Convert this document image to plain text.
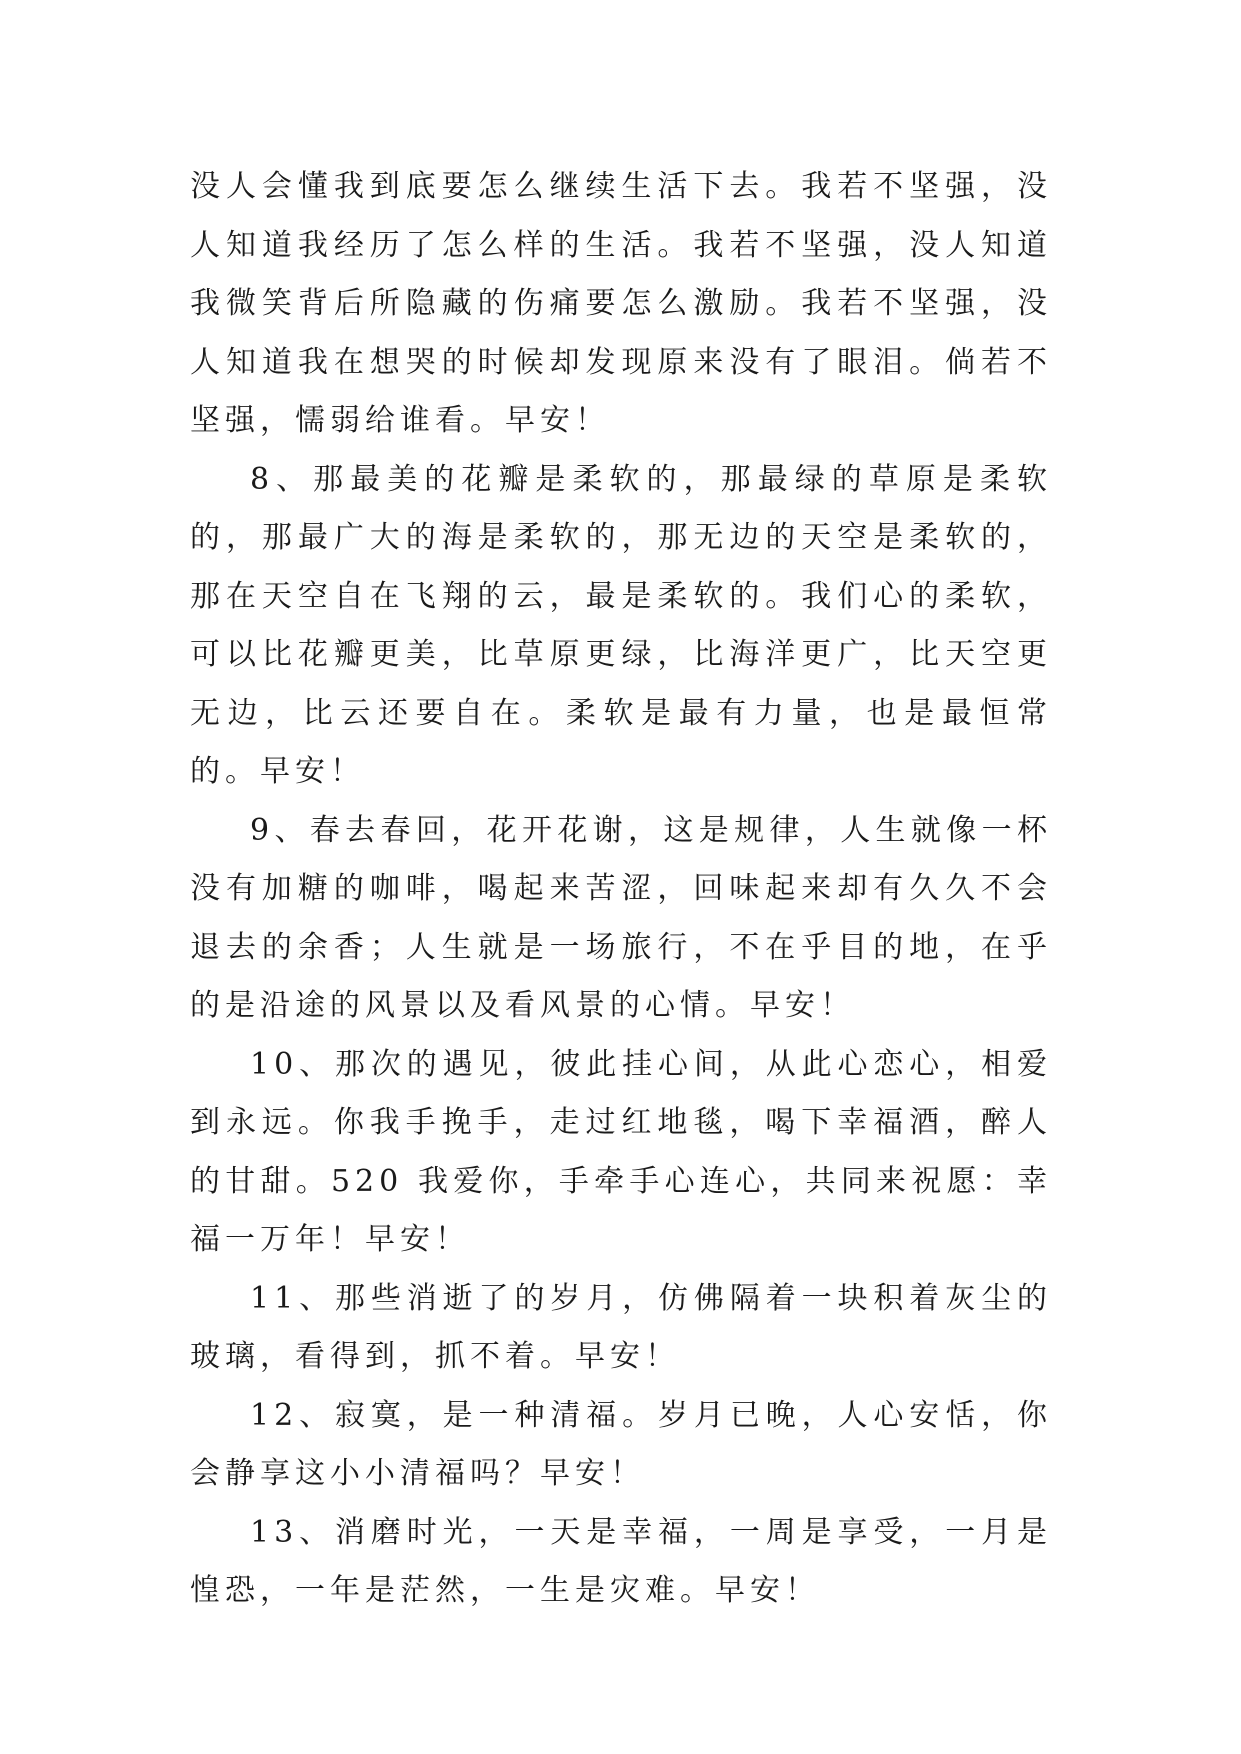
没人会懂我到底要怎么继续生活下去。我若不坚强，没人知道我经历了怎么样的生活。我若不坚强，没人知道我微笑背后所隐藏的伤痛要怎么激励。我若不坚强，没人知道我在想哭的时候却发现原来没有了眼泪。倘若不坚强，懦弱给谁看。早安！

8、那最美的花瓣是柔软的，那最绿的草原是柔软的，那最广大的海是柔软的，那无边的天空是柔软的，那在天空自在飞翔的云，最是柔软的。我们心的柔软，可以比花瓣更美，比草原更绿，比海洋更广，比天空更无边，比云还要自在。柔软是最有力量，也是最恒常的。早安！

9、春去春回，花开花谢，这是规律，人生就像一杯没有加糖的咖啡，喝起来苦涩，回味起来却有久久不会退去的余香；人生就是一场旅行，不在乎目的地，在乎的是沿途的风景以及看风景的心情。早安！

10、那次的遇见，彼此挂心间，从此心恋心，相爱到永远。你我手挽手，走过红地毯，喝下幸福酒，醉人的甘甜。520 我爱你，手牵手心连心，共同来祝愿：幸福一万年！早安！

11、那些消逝了的岁月，仿佛隔着一块积着灰尘的玻璃，看得到，抓不着。早安！

12、寂寞，是一种清福。岁月已晚，人心安恬，你会静享这小小清福吗？早安！

13、消磨时光，一天是幸福，一周是享受，一月是惶恐，一年是茫然，一生是灾难。早安！
